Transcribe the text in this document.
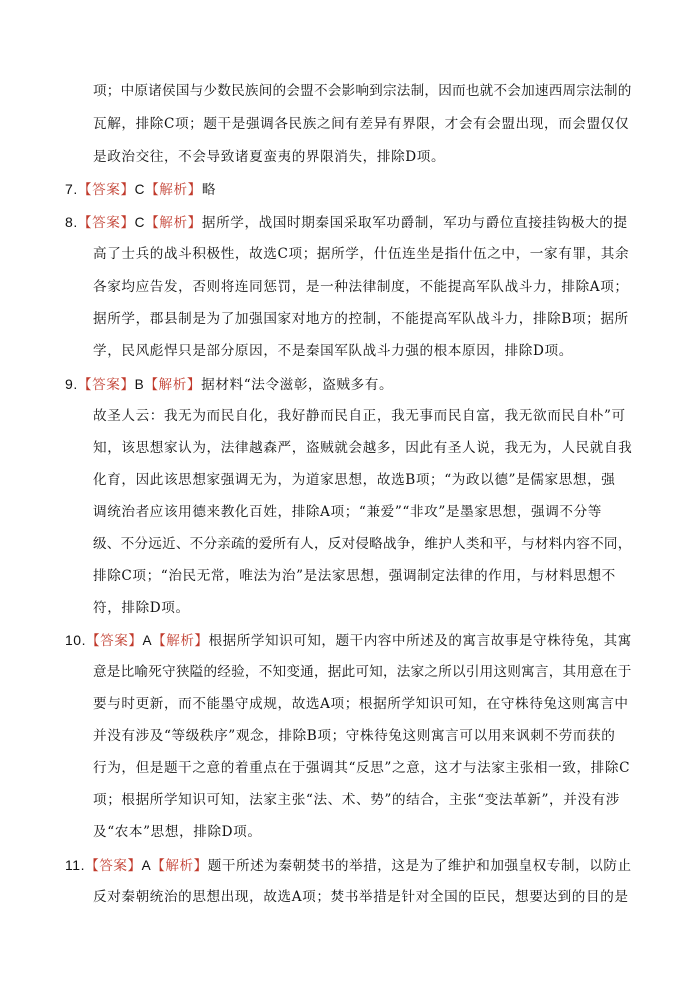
项；中原诸侯国与少数民族间的会盟不会影响到宗法制，因而也就不会加速西周宗法制的
瓦解，排除C项；题干是强调各民族之间有差异有界限，才会有会盟出现，而会盟仅仅
是政治交往，不会导致诸夏蛮夷的界限消失，排除D项。
7.【答案】C【解析】略
8.【答案】C【解析】据所学，战国时期秦国采取军功爵制，军功与爵位直接挂钩极大的提
高了士兵的战斗积极性，故选C项；据所学，什伍连坐是指什伍之中，一家有罪，其余
各家均应告发，否则将连同惩罚，是一种法律制度，不能提高军队战斗力，排除A项；
据所学，郡县制是为了加强国家对地方的控制，不能提高军队战斗力，排除B项；据所
学，民风彪悍只是部分原因，不是秦国军队战斗力强的根本原因，排除D项。
9.【答案】B【解析】据材料“法令滋彰，盗贼多有。
故圣人云：我无为而民自化，我好静而民自正，我无事而民自富，我无欲而民自朴”可
知，该思想家认为，法律越森严，盗贼就会越多，因此有圣人说，我无为，人民就自我
化育，因此该思想家强调无为，为道家思想，故选B项；“为政以德”是儒家思想，强
调统治者应该用德来教化百姓，排除A项；“兼爱”“非攻”是墨家思想，强调不分等
级、不分远近、不分亲疏的爱所有人，反对侵略战争，维护人类和平，与材料内容不同，
排除C项；“治民无常，唯法为治”是法家思想，强调制定法律的作用，与材料思想不
符，排除D项。
10.【答案】A【解析】根据所学知识可知，题干内容中所述及的寓言故事是守株待兔，其寓
意是比喻死守狭隘的经验，不知变通，据此可知，法家之所以引用这则寓言，其用意在于
要与时更新，而不能墨守成规，故选A项；根据所学知识可知，在守株待兔这则寓言中
并没有涉及“等级秩序”观念，排除B项；守株待兔这则寓言可以用来讽刺不劳而获的
行为，但是题干之意的着重点在于强调其“反思”之意，这才与法家主张相一致，排除C
项；根据所学知识可知，法家主张“法、术、势”的结合，主张“变法革新”，并没有涉
及“农本”思想，排除D项。
11.【答案】A【解析】题干所述为秦朝焚书的举措，这是为了维护和加强皇权专制，以防止
反对秦朝统治的思想出现，故选A项；焚书举措是针对全国的臣民，想要达到的目的是
